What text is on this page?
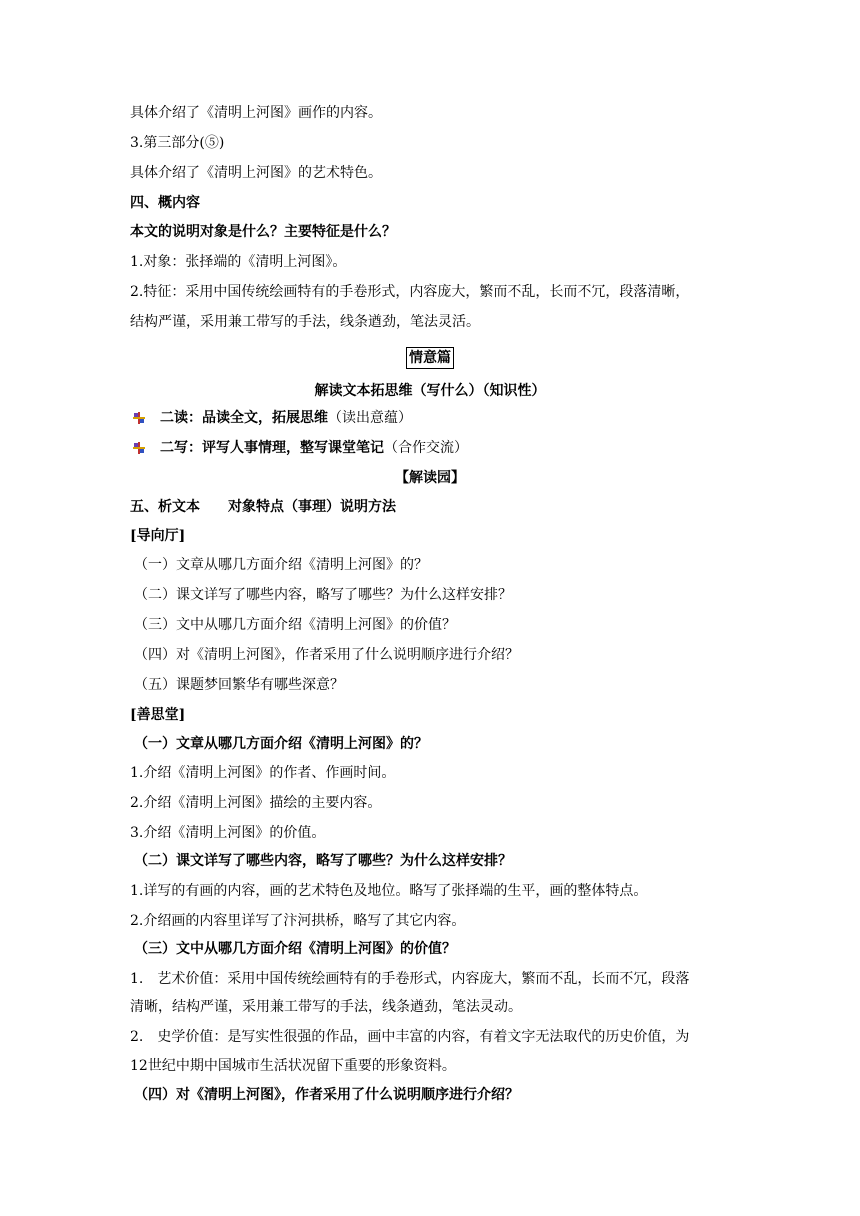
具体介绍了《清明上河图》画作的内容。
3.第三部分(⑤)
具体介绍了《清明上河图》的艺术特色。
四、概内容
本文的说明对象是什么？主要特征是什么？
1.对象：张择端的《清明上河图》。
2.特征：采用中国传统绘画特有的手卷形式，内容庞大，繁而不乱，长而不冗，段落清晰，
结构严谨，采用兼工带写的手法，线条遒劲，笔法灵活。
情意篇
解读文本拓思维（写什么）（知识性）
二读：品读全文，拓展思维（读出意蕴）
二写：评写人事情理，整写课堂笔记（合作交流）
【解读园】
五、析文本　　对象特点（事理）说明方法
[导向厅]
（一）文章从哪几方面介绍《清明上河图》的？
（二）课文详写了哪些内容，略写了哪些？为什么这样安排？
（三）文中从哪几方面介绍《清明上河图》的价值？
（四）对《清明上河图》，作者采用了什么说明顺序进行介绍？
（五）课题梦回繁华有哪些深意？
[善思堂]
（一）文章从哪几方面介绍《清明上河图》的？
1.介绍《清明上河图》的作者、作画时间。
2.介绍《清明上河图》描绘的主要内容。
3.介绍《清明上河图》的价值。
（二）课文详写了哪些内容，略写了哪些？为什么这样安排？
1.详写的有画的内容，画的艺术特色及地位。略写了张择端的生平，画的整体特点。
2.介绍画的内容里详写了汴河拱桥，略写了其它内容。
（三）文中从哪几方面介绍《清明上河图》的价值？
1.　艺术价值：采用中国传统绘画特有的手卷形式，内容庞大，繁而不乱，长而不冗，段落
清晰，结构严谨，采用兼工带写的手法，线条遒劲，笔法灵动。
2.　史学价值：是写实性很强的作品，画中丰富的内容，有着文字无法取代的历史价值，为
12世纪中期中国城市生活状况留下重要的形象资料。
（四）对《清明上河图》，作者采用了什么说明顺序进行介绍？
